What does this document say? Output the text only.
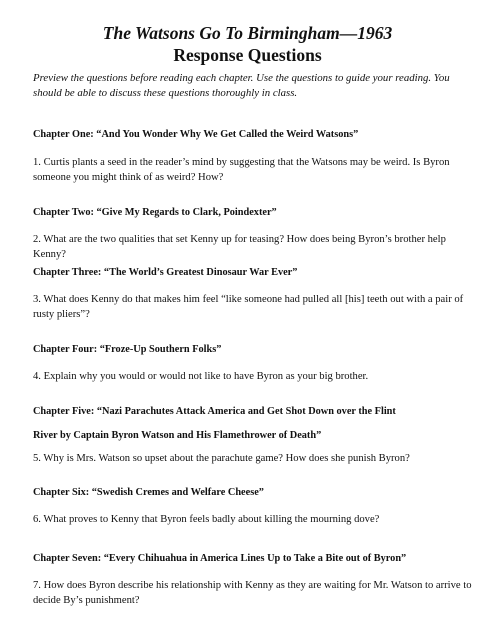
The Watsons Go To Birmingham—1963
Response Questions

Preview the questions before reading each chapter. Use the questions to guide your reading. You should be able to discuss these questions thoroughly in class.

Chapter One: “And You Wonder Why We Get Called the Weird Watsons”

1. Curtis plants a seed in the reader’s mind by suggesting that the Watsons may be weird. Is Byron someone you might think of as weird? How?

Chapter Two: “Give My Regards to Clark, Poindexter”

2. What are the two qualities that set Kenny up for teasing? How does being Byron’s brother help Kenny?

Chapter Three: “The World’s Greatest Dinosaur War Ever”

3. What does Kenny do that makes him feel “like someone had pulled all [his] teeth out with a pair of rusty pliers”?

Chapter Four: “Froze-Up Southern Folks”

4. Explain why you would or would not like to have Byron as your big brother.

Chapter Five: “Nazi Parachutes Attack America and Get Shot Down over the Flint

River by Captain Byron Watson and His Flamethrower of Death”

5. Why is Mrs. Watson so upset about the parachute game? How does she punish Byron?

Chapter Six: “Swedish Cremes and Welfare Cheese”

6. What proves to Kenny that Byron feels badly about killing the mourning dove?

Chapter Seven: “Every Chihuahua in America Lines Up to Take a Bite out of Byron”

7. How does Byron describe his relationship with Kenny as they are waiting for Mr. Watson to arrive to decide By’s punishment?
